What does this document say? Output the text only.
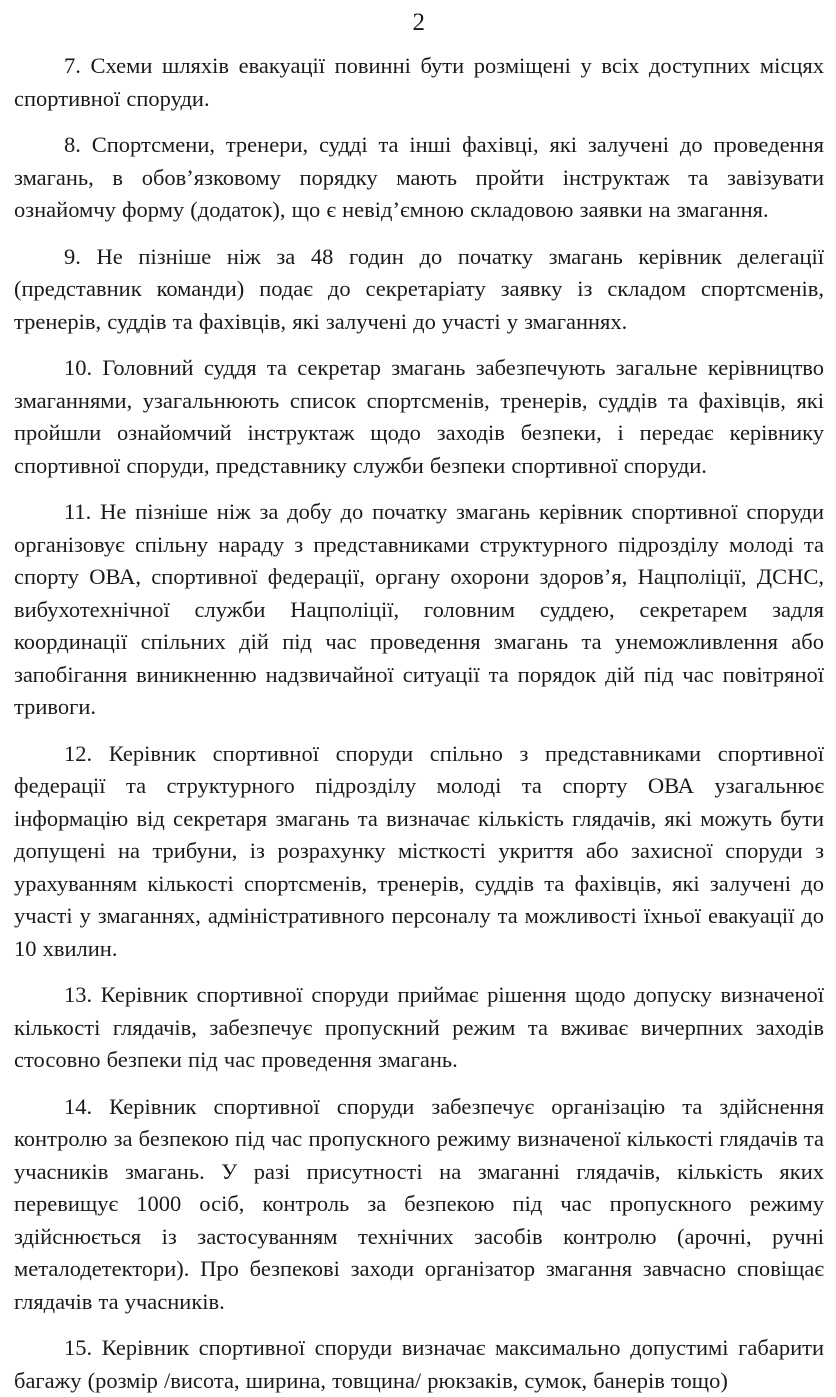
2

7. Схеми шляхів евакуації повинні бути розміщені у всіх доступних місцях спортивної споруди.

8. Спортсмени, тренери, судді та інші фахівці, які залучені до проведення змагань, в обов’язковому порядку мають пройти інструктаж та завізувати ознайомчу форму (додаток), що є невід’ємною складовою заявки на змагання.

9. Не пізніше ніж за 48 годин до початку змагань керівник делегації (представник команди) подає до секретаріату заявку із складом спортсменів, тренерів, суддів та фахівців, які залучені до участі у змаганнях.

10. Головний суддя та секретар змагань забезпечують загальне керівництво змаганнями, узагальнюють список спортсменів, тренерів, суддів та фахівців, які пройшли ознайомчий інструктаж щодо заходів безпеки, і передає керівнику спортивної споруди, представнику служби безпеки спортивної споруди.

11. Не пізніше ніж за добу до початку змагань керівник спортивної споруди організовує спільну нараду з представниками структурного підрозділу молоді та спорту ОВА, спортивної федерації, органу охорони здоров’я, Нацполіції, ДСНС, вибухотехнічної служби Нацполіції, головним суддею, секретарем задля координації спільних дій під час проведення змагань та унеможливлення або запобігання виникненню надзвичайної ситуації та порядок дій під час повітряної тривоги.

12. Керівник спортивної споруди спільно з представниками спортивної федерації та структурного підрозділу молоді та спорту ОВА узагальнює інформацію від секретаря змагань та визначає кількість глядачів, які можуть бути допущені на трибуни, із розрахунку місткості укриття або захисної споруди з урахуванням кількості спортсменів, тренерів, суддів та фахівців, які залучені до участі у змаганнях, адміністративного персоналу та можливості їхньої евакуації до 10 хвилин.

13. Керівник спортивної споруди приймає рішення щодо допуску визначеної кількості глядачів, забезпечує пропускний режим та вживає вичерпних заходів стосовно безпеки під час проведення змагань.

14. Керівник спортивної споруди забезпечує організацію та здійснення контролю за безпекою під час пропускного режиму визначеної кількості глядачів та учасників змагань. У разі присутності на змаганні глядачів, кількість яких перевищує 1000 осіб, контроль за безпекою під час пропускного режиму здійснюється із застосуванням технічних засобів контролю (арочні, ручні металодетектори). Про безпекові заходи організатор змагання завчасно сповіщає глядачів та учасників.

15. Керівник спортивної споруди визначає максимально допустимі габарити багажу (розмір /висота, ширина, товщина/ рюкзаків, сумок, банерів тощо)
